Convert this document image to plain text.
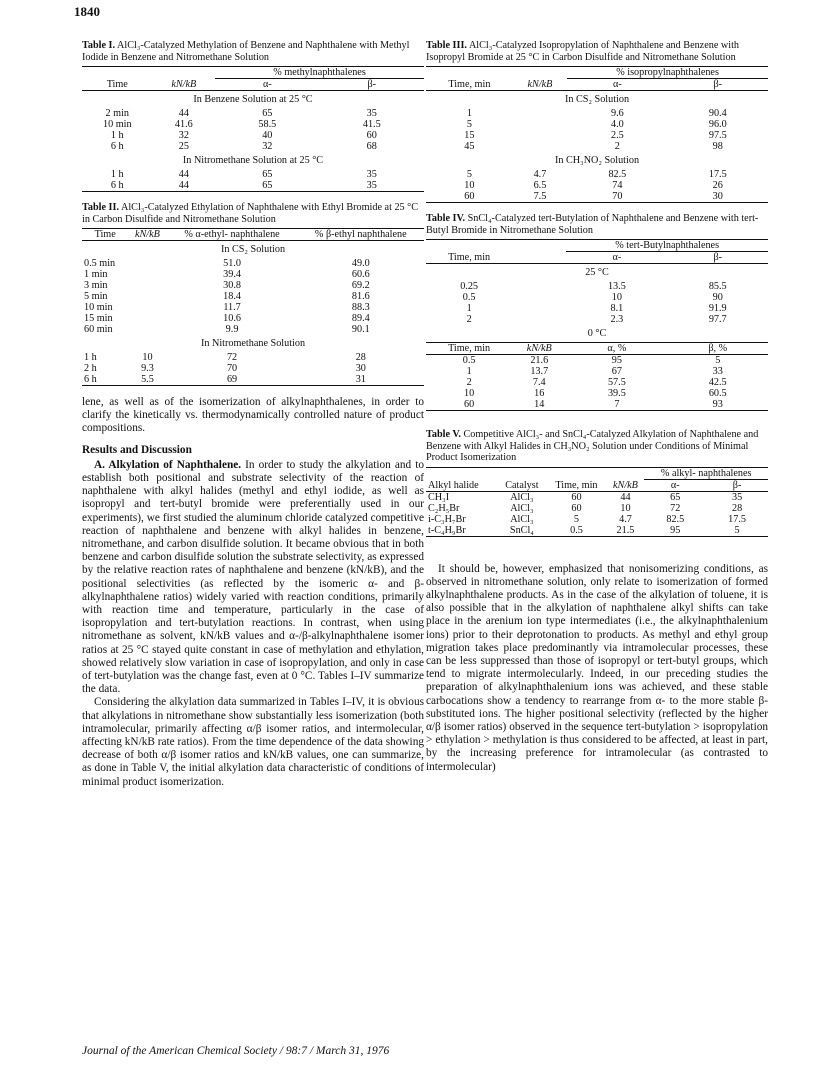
1840

Table I. AlCl₃-Catalyzed Methylation of Benzene and Naphthalene with Methyl Iodide in Benzene and Nitromethane Solution

		% methylnaphthalenes	
Time	kN/kB	α-	β-
In Benzene Solution at 25 °C			
2 min	44	65	35
10 min	41.6	58.5	41.5
1 h	32	40	60
6 h	25	32	68
In Nitromethane Solution at 25 °C			
1 h	44	65	35
6 h	44	65	35

Table II. AlCl₃-Catalyzed Ethylation of Naphthalene with Ethyl Bromide at 25 °C in Carbon Disulfide and Nitromethane Solution

Time	kN/kB	% α-ethyl- naphthalene	% β-ethyl naphthalene
In CS₂ Solution			
0.5 min		51.0	49.0
1 min		39.4	60.6
3 min		30.8	69.2
5 min		18.4	81.6
10 min		11.7	88.3
15 min		10.6	89.4
60 min		9.9	90.1
In Nitromethane Solution			
1 h	10	72	28
2 h	9.3	70	30
6 h	5.5	69	31

lene, as well as of the isomerization of alkylnaphthalenes, in order to clarify the kinetically vs. thermodynamically controlled nature of product compositions.

Results and Discussion

A. Alkylation of Naphthalene. In order to study the alkylation and to establish both positional and substrate selectivity of the reaction of naphthalene with alkyl halides (methyl and ethyl iodide, as well as isopropyl and tert-butyl bromide were preferentially used in our experiments), we first studied the aluminum chloride catalyzed competitive reaction of naphthalene and benzene with alkyl halides in benzene, nitromethane, and carbon disulfide solution. It became obvious that in both benzene and carbon disulfide solution the substrate selectivity, as expressed by the relative reaction rates of naphthalene and benzene (kN/kB), and the positional selectivities (as reflected by the isomeric α- and β-alkylnaphthalene ratios) widely varied with reaction conditions, primarily with reaction time and temperature, particularly in the case of isopropylation and tert-butylation reactions. In contrast, when using nitromethane as solvent, kN/kB values and α-/β-alkylnaphthalene isomer ratios at 25 °C stayed quite constant in case of methylation and ethylation, showed relatively slow variation in case of isopropylation, and only in case of tert-butylation was the change fast, even at 0 °C. Tables I–IV summarize the data.

Considering the alkylation data summarized in Tables I–IV, it is obvious that alkylations in nitromethane show substantially less isomerization (both intramolecular, primarily affecting α/β isomer ratios, and intermolecular, affecting kN/kB rate ratios). From the time dependence of the data showing decrease of both α/β isomer ratios and kN/kB values, one can summarize, as done in Table V, the initial alkylation data characteristic of conditions of minimal product isomerization.

Table III. AlCl₃-Catalyzed Isopropylation of Naphthalene and Benzene with Isopropyl Bromide at 25 °C in Carbon Disulfide and Nitromethane Solution

		% isopropylnaphthalenes	
Time, min	kN/kB	α-	β-
In CS₂ Solution			
1		9.6	90.4
5		4.0	96.0
15		2.5	97.5
45		2	98
In CH₃NO₂ Solution			
5	4.7	82.5	17.5
10	6.5	74	26
60	7.5	70	30

Table IV. SnCl₄-Catalyzed tert-Butylation of Naphthalene and Benzene with tert-Butyl Bromide in Nitromethane Solution

		% tert-Butylnaphthalenes	
Time, min		α-	β-
25 °C			
0.25		13.5	85.5
0.5		10	90
1		8.1	91.9
2		2.3	97.7
0 °C			
Time, min	kN/kB	α, %	β, %
0.5	21.6	95	5
1	13.7	67	33
2	7.4	57.5	42.5
10	16	39.5	60.5
60	14	7	93

Table V. Competitive AlCl₃- and SnCl₄-Catalyzed Alkylation of Naphthalene and Benzene with Alkyl Halides in CH₃NO₂ Solution under Conditions of Minimal Product Isomerization

				% alkyl- naphthalenes	
Alkyl halide	Catalyst	Time, min	kN/kB	α-	β-
CH₃I	AlCl₃	60	44	65	35
C₂H₅Br	AlCl₃	60	10	72	28
i-C₃H₇Br	AlCl₃	5	4.7	82.5	17.5
t-C₄H₉Br	SnCl₄	0.5	21.5	95	5

It should be, however, emphasized that nonisomerizing conditions, as observed in nitromethane solution, only relate to isomerization of formed alkylnaphthalene products. As in the case of the alkylation of toluene, it is also possible that in the alkylation of naphthalene alkyl shifts can take place in the arenium ion type intermediates (i.e., the alkylnaphthalenium ions) prior to their deprotonation to products. As methyl and ethyl group migration takes place predominantly via intramolecular processes, these can be less suppressed than those of isopropyl or tert-butyl groups, which tend to migrate intermolecularly. Indeed, in our preceding studies the preparation of alkylnaphthalenium ions was achieved, and these stable carbocations show a tendency to rearrange from α- to the more stable β-substituted ions. The higher positional selectivity (reflected by the higher α/β isomer ratios) observed in the sequence tert-butylation > isopropylation > ethylation > methylation is thus considered to be affected, at least in part, by the increasing preference for intramolecular (as contrasted to intermolecular)

Journal of the American Chemical Society / 98:7 / March 31, 1976
